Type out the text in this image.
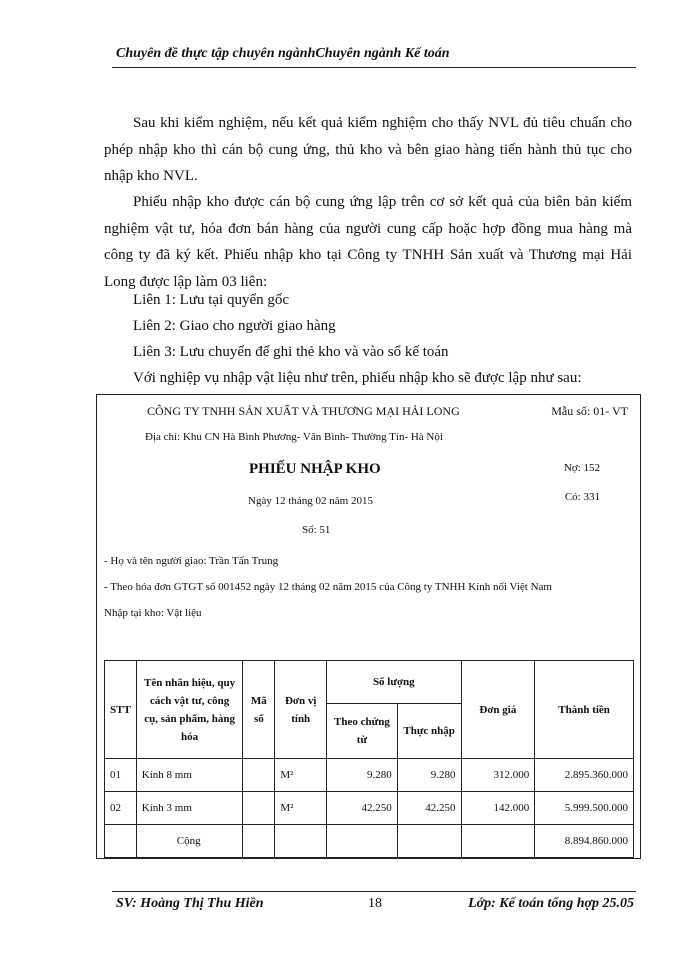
Chuyên đề thực tập chuyên ngànhChuyên ngành Kế toán
Sau khi kiểm nghiệm, nếu kết quả kiểm nghiệm cho thấy NVL đủ tiêu chuẩn cho phép nhập kho thì cán bộ cung ứng, thủ kho và bên giao hàng tiến hành thủ tục cho nhập kho NVL.
Phiếu nhập kho được cán bộ cung ứng lập trên cơ sở kết quả của biên bản kiểm nghiệm vật tư, hóa đơn bán hàng của người cung cấp hoặc hợp đồng mua hàng mà công ty đã ký kết. Phiếu nhập kho tại Công ty TNHH Sản xuất và Thương mại Hải Long được lập làm 03 liên:
Liên 1: Lưu tại quyển gốc
Liên 2: Giao cho người giao hàng
Liên 3: Lưu chuyển để ghi thẻ kho và vào sổ kế toán
Với nghiệp vụ nhập vật liệu như trên, phiếu nhập kho sẽ được lập như sau:
CÔNG TY TNHH SẢN XUẤT VÀ THƯƠNG MẠI HẢI LONG	Mẫu số: 01- VT
Địa chỉ: Khu CN Hà Bình Phương- Văn Bình- Thường Tín- Hà Nội
PHIẾU NHẬP KHO	Nợ: 152
Ngày 12 tháng 02 năm 2015	Có: 331
Số: 51
- Họ và tên người giao: Trần Tấn Trung
- Theo hóa đơn GTGT số 001452 ngày 12 tháng 02 năm 2015 của Công ty TNHH Kính nổi Việt Nam
Nhập tại kho: Vật liệu
STT	Tên nhãn hiệu, quy cách vật tư, công cụ, sản phẩm, hàng hóa	Mã số	Đơn vị tính	Số lượng		Đơn giá	Thành tiền
				Theo chứng từ	Thực nhập		
01	Kính 8 mm		M²	9.280	9.280	312.000	2.895.360.000
02	Kính 3 mm		M²	42.250	42.250	142.000	5.999.500.000
	Cộng						8.894.860.000
SV: Hoàng Thị Thu Hiền	18	Lớp: Kế toán tổng hợp 25.05
